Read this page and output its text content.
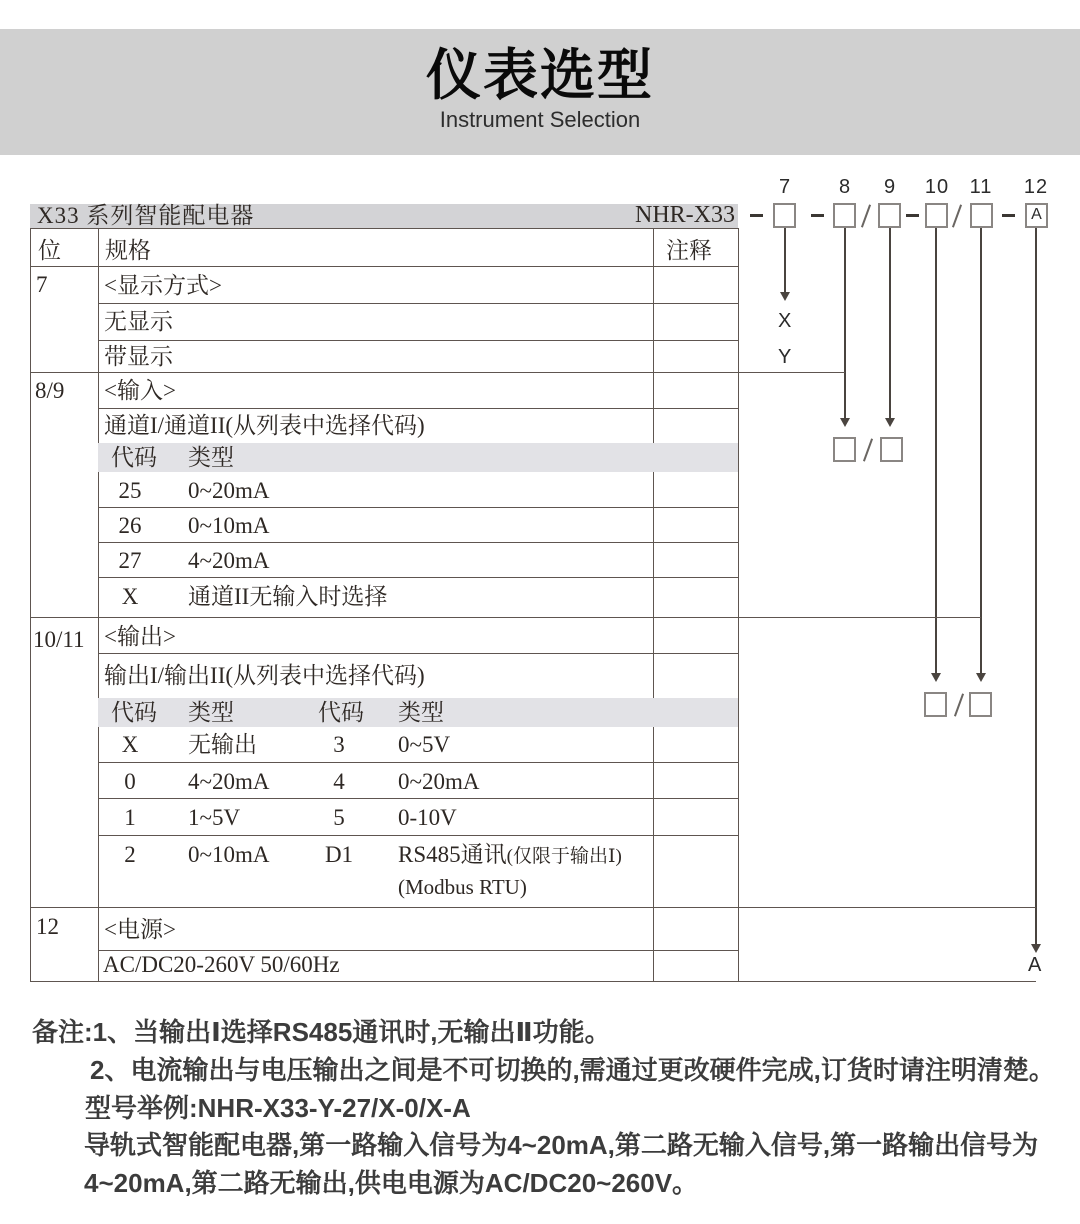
仪表选型
Instrument Selection
7 8 9 10 11 12
X33 系列智能配电器	NHR-X33	A
X
Y
A
位 规格	注释
7 <显示方式>
无显示
带显示
8/9 <输入>
通道I/通道II(从列表中选择代码)
代码 类型
25	0~20mA
26	0~10mA
27	4~20mA
X	通道II无输入时选择
10/11 <输出>
输出I/输出II(从列表中选择代码)
代码 类型	代码 类型
X	无输出	3	0~5V
0	4~20mA	4	0~20mA
1	1~5V	5	0-10V
2	0~10mA	D1	RS485通讯(仅限于输出Ⅰ)
(Modbus RTU)
12 <电源>
AC/DC20-260V 50/60Hz
备注:1、当输出Ⅰ选择RS485通讯时,无输出Ⅱ功能。
2、电流输出与电压输出之间是不可切换的,需通过更改硬件完成,订货时请注明清楚。
型号举例:NHR-X33-Y-27/X-0/X-A
导轨式智能配电器,第一路输入信号为4~20mA,第二路无输入信号,第一路输出信号为
4~20mA,第二路无输出,供电电源为AC/DC20~260V。
